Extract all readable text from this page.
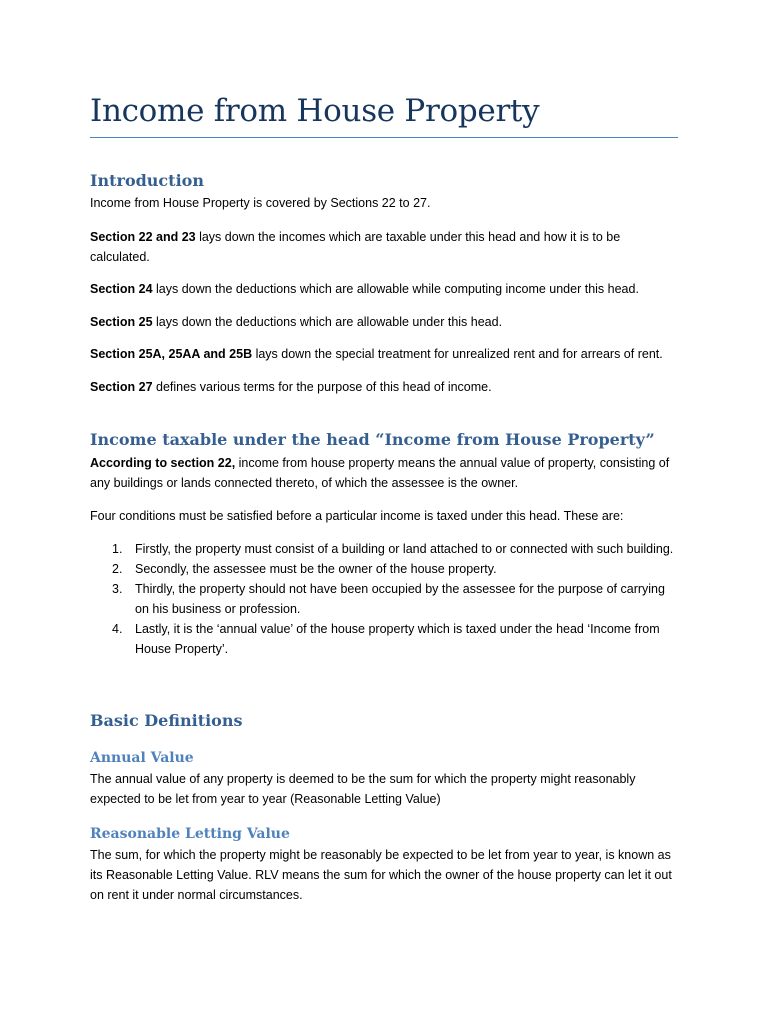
Income from House Property
Introduction

Income from House Property is covered by Sections 22 to 27.

Section 22 and 23 lays down the incomes which are taxable under this head and how it is to be calculated.

Section 24 lays down the deductions which are allowable while computing income under this head.

Section 25 lays down the deductions which are allowable under this head.

Section 25A, 25AA and 25B lays down the special treatment for unrealized rent and for arrears of rent.

Section 27 defines various terms for the purpose of this head of income.

Income taxable under the head “Income from House Property”

According to section 22, income from house property means the annual value of property, consisting of any buildings or lands connected thereto, of which the assessee is the owner.

Four conditions must be satisfied before a particular income is taxed under this head. These are:

1. Firstly, the property must consist of a building or land attached to or connected with such building.
2. Secondly, the assessee must be the owner of the house property.
3. Thirdly, the property should not have been occupied by the assessee for the purpose of carrying on his business or profession.
4. Lastly, it is the ‘annual value’ of the house property which is taxed under the head ‘Income from House Property’.
Basic Definitions
Annual Value

The annual value of any property is deemed to be the sum for which the property might reasonably expected to be let from year to year (Reasonable Letting Value)

Reasonable Letting Value

The sum, for which the property might be reasonably be expected to be let from year to year, is known as its Reasonable Letting Value. RLV means the sum for which the owner of the house property can let it out on rent it under normal circumstances.
